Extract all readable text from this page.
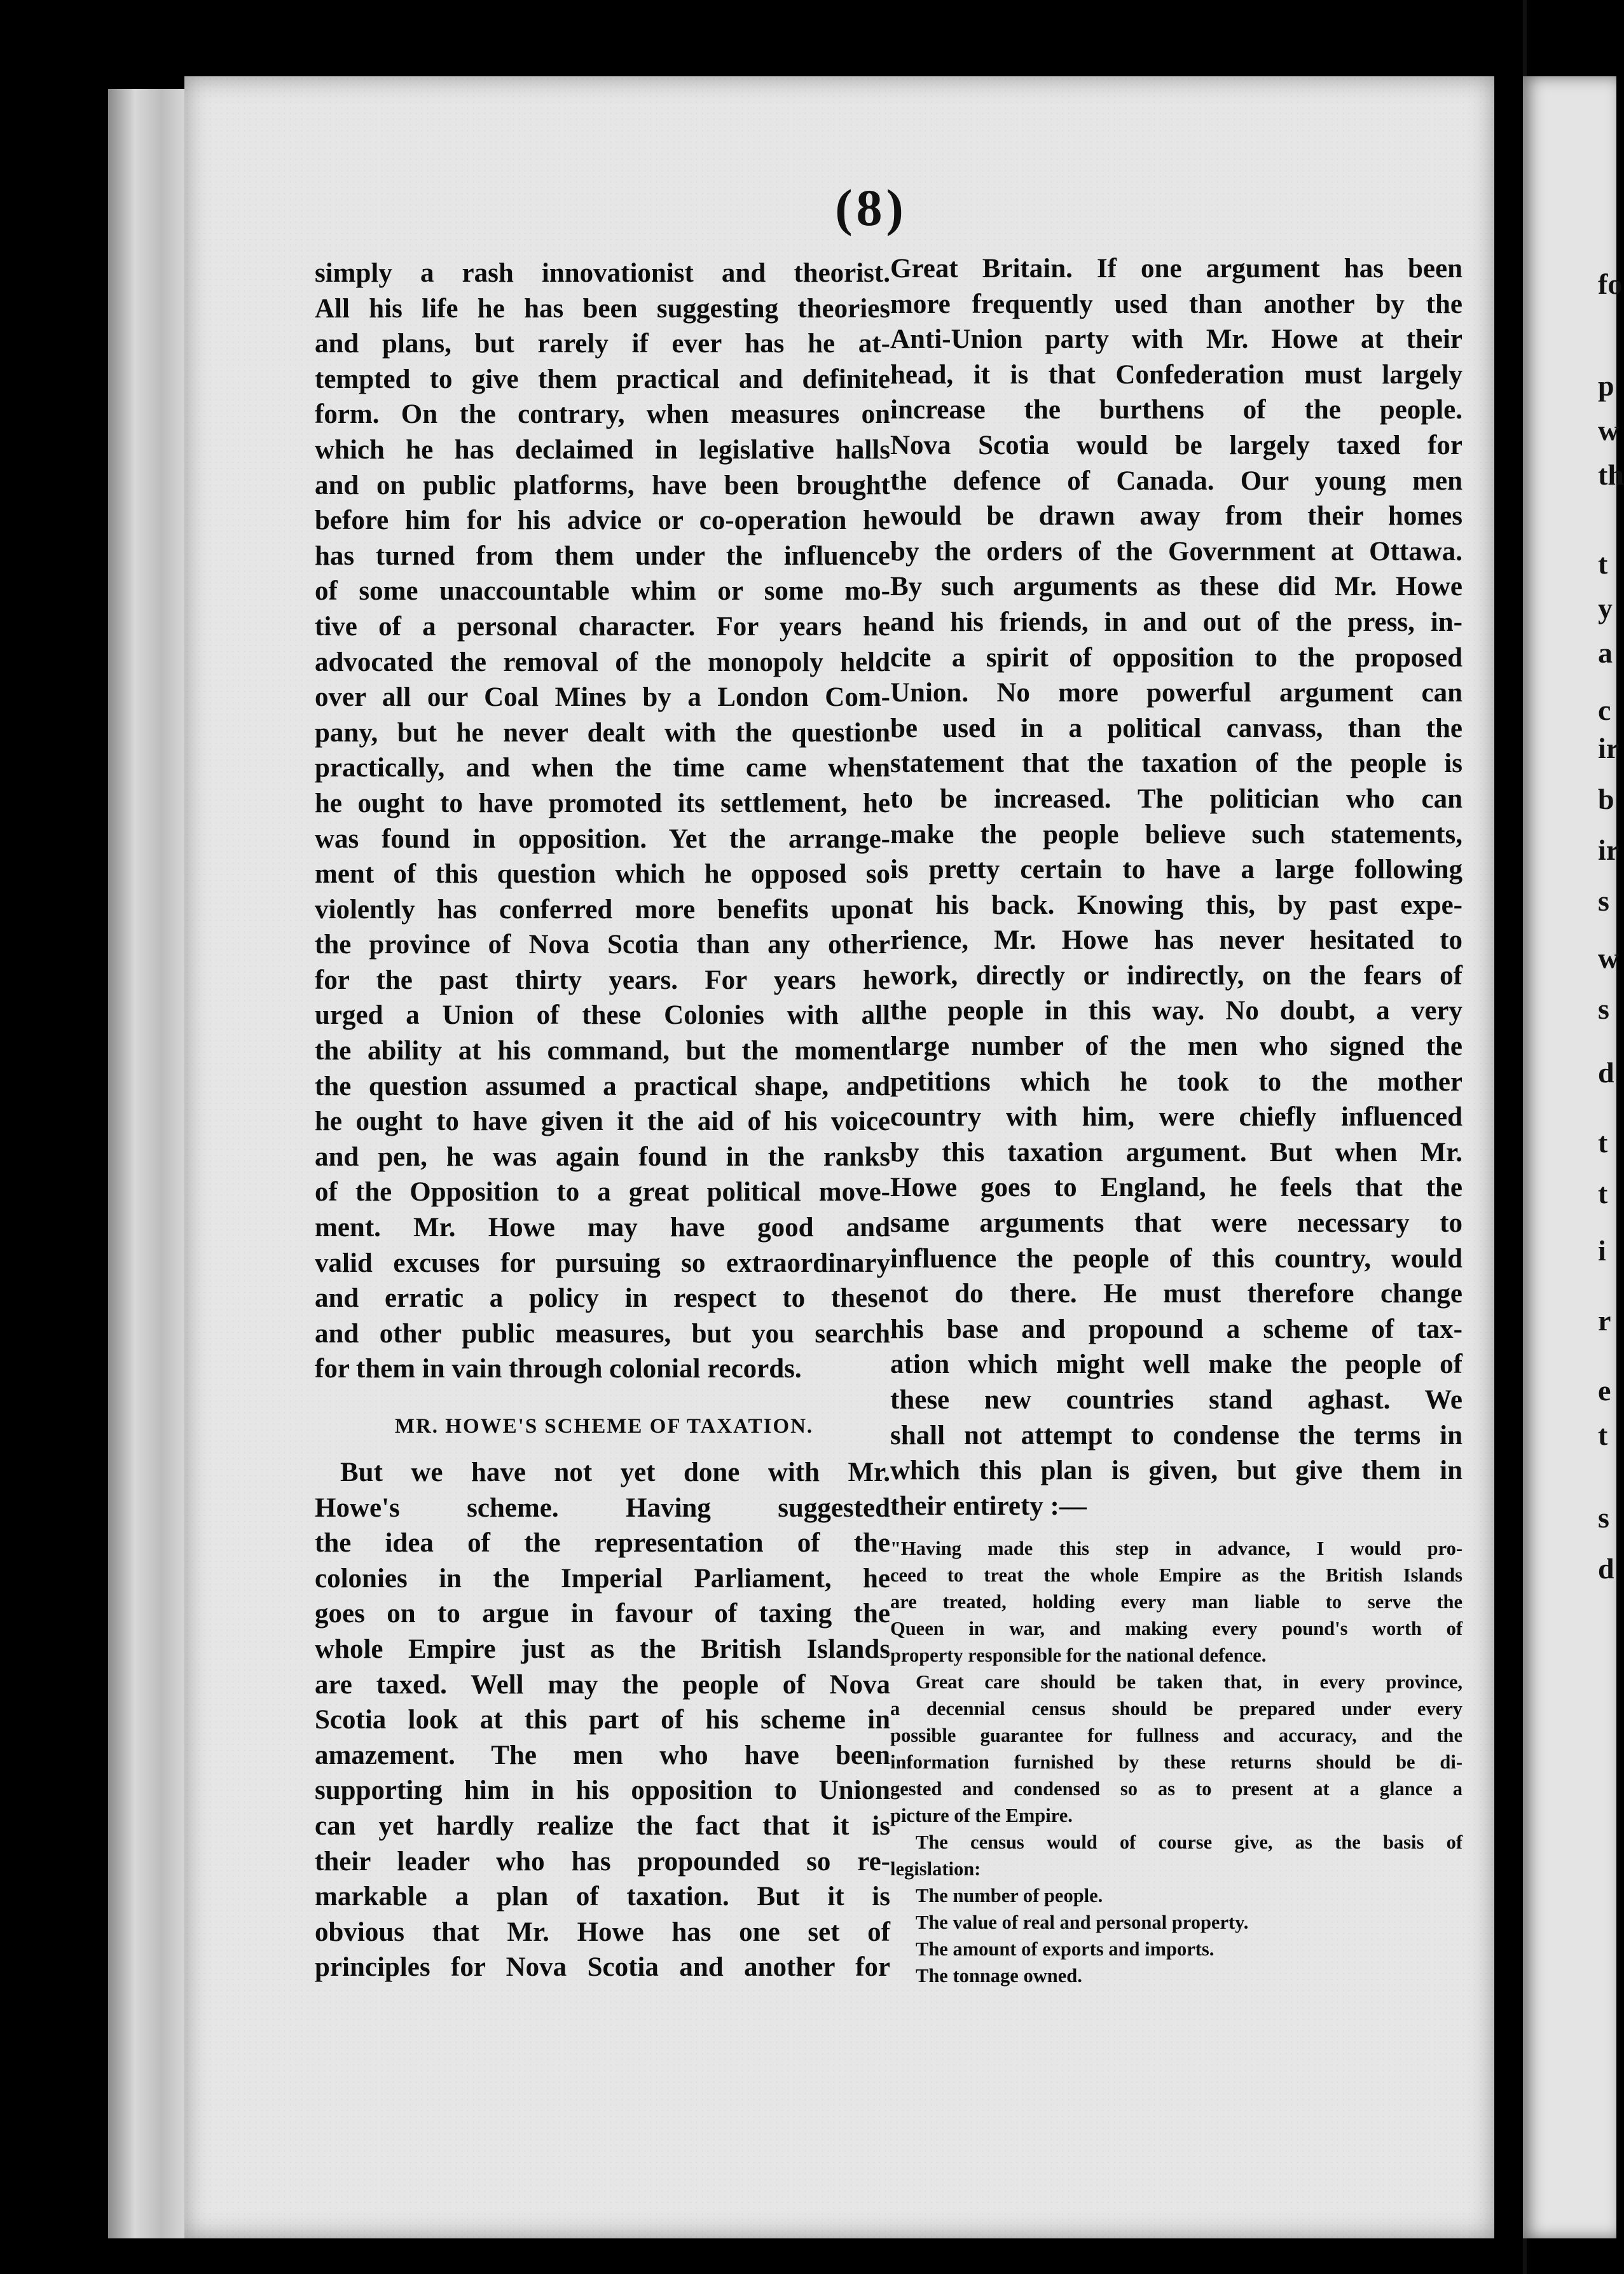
fo
p
w
th
t
y
a
c
ir
b
ir
s
w
s
d
t
t
i
r
e
t
s
d
(8)
simply a rash innovationist and theorist.
All his life he has been suggesting theories
and plans, but rarely if ever has he at-
tempted to give them practical and definite
form. On the contrary, when measures on
which he has declaimed in legislative halls
and on public platforms, have been brought
before him for his advice or co-operation he
has turned from them under the influence
of some unaccountable whim or some mo-
tive of a personal character. For years he
advocated the removal of the monopoly held
over all our Coal Mines by a London Com-
pany, but he never dealt with the question
practically, and when the time came when
he ought to have promoted its settlement, he
was found in opposition. Yet the arrange-
ment of this question which he opposed so
violently has conferred more benefits upon
the province of Nova Scotia than any other
for the past thirty years. For years he
urged a Union of these Colonies with all
the ability at his command, but the moment
the question assumed a practical shape, and
he ought to have given it the aid of his voice
and pen, he was again found in the ranks
of the Opposition to a great political move-
ment. Mr. Howe may have good and
valid excuses for pursuing so extraordinary
and erratic a policy in respect to these
and other public measures, but you search
for them in vain through colonial records.
MR. HOWE'S SCHEME OF TAXATION.
But we have not yet done with Mr.
Howe's scheme. Having suggested
the idea of the representation of the
colonies in the Imperial Parliament, he
goes on to argue in favour of taxing the
whole Empire just as the British Islands
are taxed. Well may the people of Nova
Scotia look at this part of his scheme in
amazement. The men who have been
supporting him in his opposition to Union
can yet hardly realize the fact that it is
their leader who has propounded so re-
markable a plan of taxation. But it is
obvious that Mr. Howe has one set of
principles for Nova Scotia and another for
Great Britain. If one argument has been
more frequently used than another by the
Anti-Union party with Mr. Howe at their
head, it is that Confederation must largely
increase the burthens of the people.
Nova Scotia would be largely taxed for
the defence of Canada. Our young men
would be drawn away from their homes
by the orders of the Government at Ottawa.
By such arguments as these did Mr. Howe
and his friends, in and out of the press, in-
cite a spirit of opposition to the proposed
Union. No more powerful argument can
be used in a political canvass, than the
statement that the taxation of the people is
to be increased. The politician who can
make the people believe such statements,
is pretty certain to have a large following
at his back. Knowing this, by past expe-
rience, Mr. Howe has never hesitated to
work, directly or indirectly, on the fears of
the people in this way. No doubt, a very
large number of the men who signed the
petitions which he took to the mother
country with him, were chiefly influenced
by this taxation argument. But when Mr.
Howe goes to England, he feels that the
same arguments that were necessary to
influence the people of this country, would
not do there. He must therefore change
his base and propound a scheme of tax-
ation which might well make the people of
these new countries stand aghast. We
shall not attempt to condense the terms in
which this plan is given, but give them in
their entirety :—
"Having made this step in advance, I would pro-
ceed to treat the whole Empire as the British Islands
are treated, holding every man liable to serve the
Queen in war, and making every pound's worth of
property responsible for the national defence.
Great care should be taken that, in every province,
a decennial census should be prepared under every
possible guarantee for fullness and accuracy, and the
information furnished by these returns should be di-
gested and condensed so as to present at a glance a
picture of the Empire.
The census would of course give, as the basis of
legislation:
The number of people.
The value of real and personal property.
The amount of exports and imports.
The tonnage owned.
